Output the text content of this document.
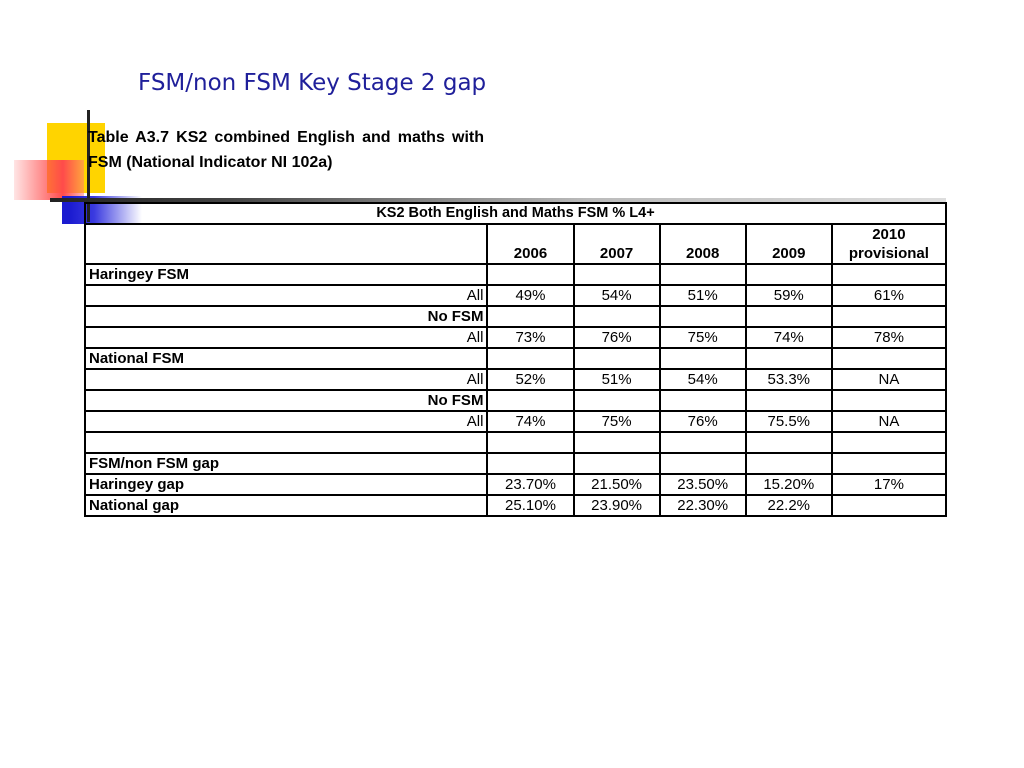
FSM/non FSM Key Stage 2 gap
Table A3.7 KS2 combined English and maths with FSM (National Indicator NI 102a)
KS2 Both English and Maths FSM % L4+					
	2006	2007	2008	2009	2010
provisional
Haringey FSM					
All	49%	54%	51%	59%	61%
No FSM					
All	73%	76%	75%	74%	78%
National FSM					
All	52%	51%	54%	53.3%	NA
No FSM					
All	74%	75%	76%	75.5%	NA

FSM/non FSM gap					
Haringey gap	23.70%	21.50%	23.50%	15.20%	17%
National gap	25.10%	23.90%	22.30%	22.2%	
